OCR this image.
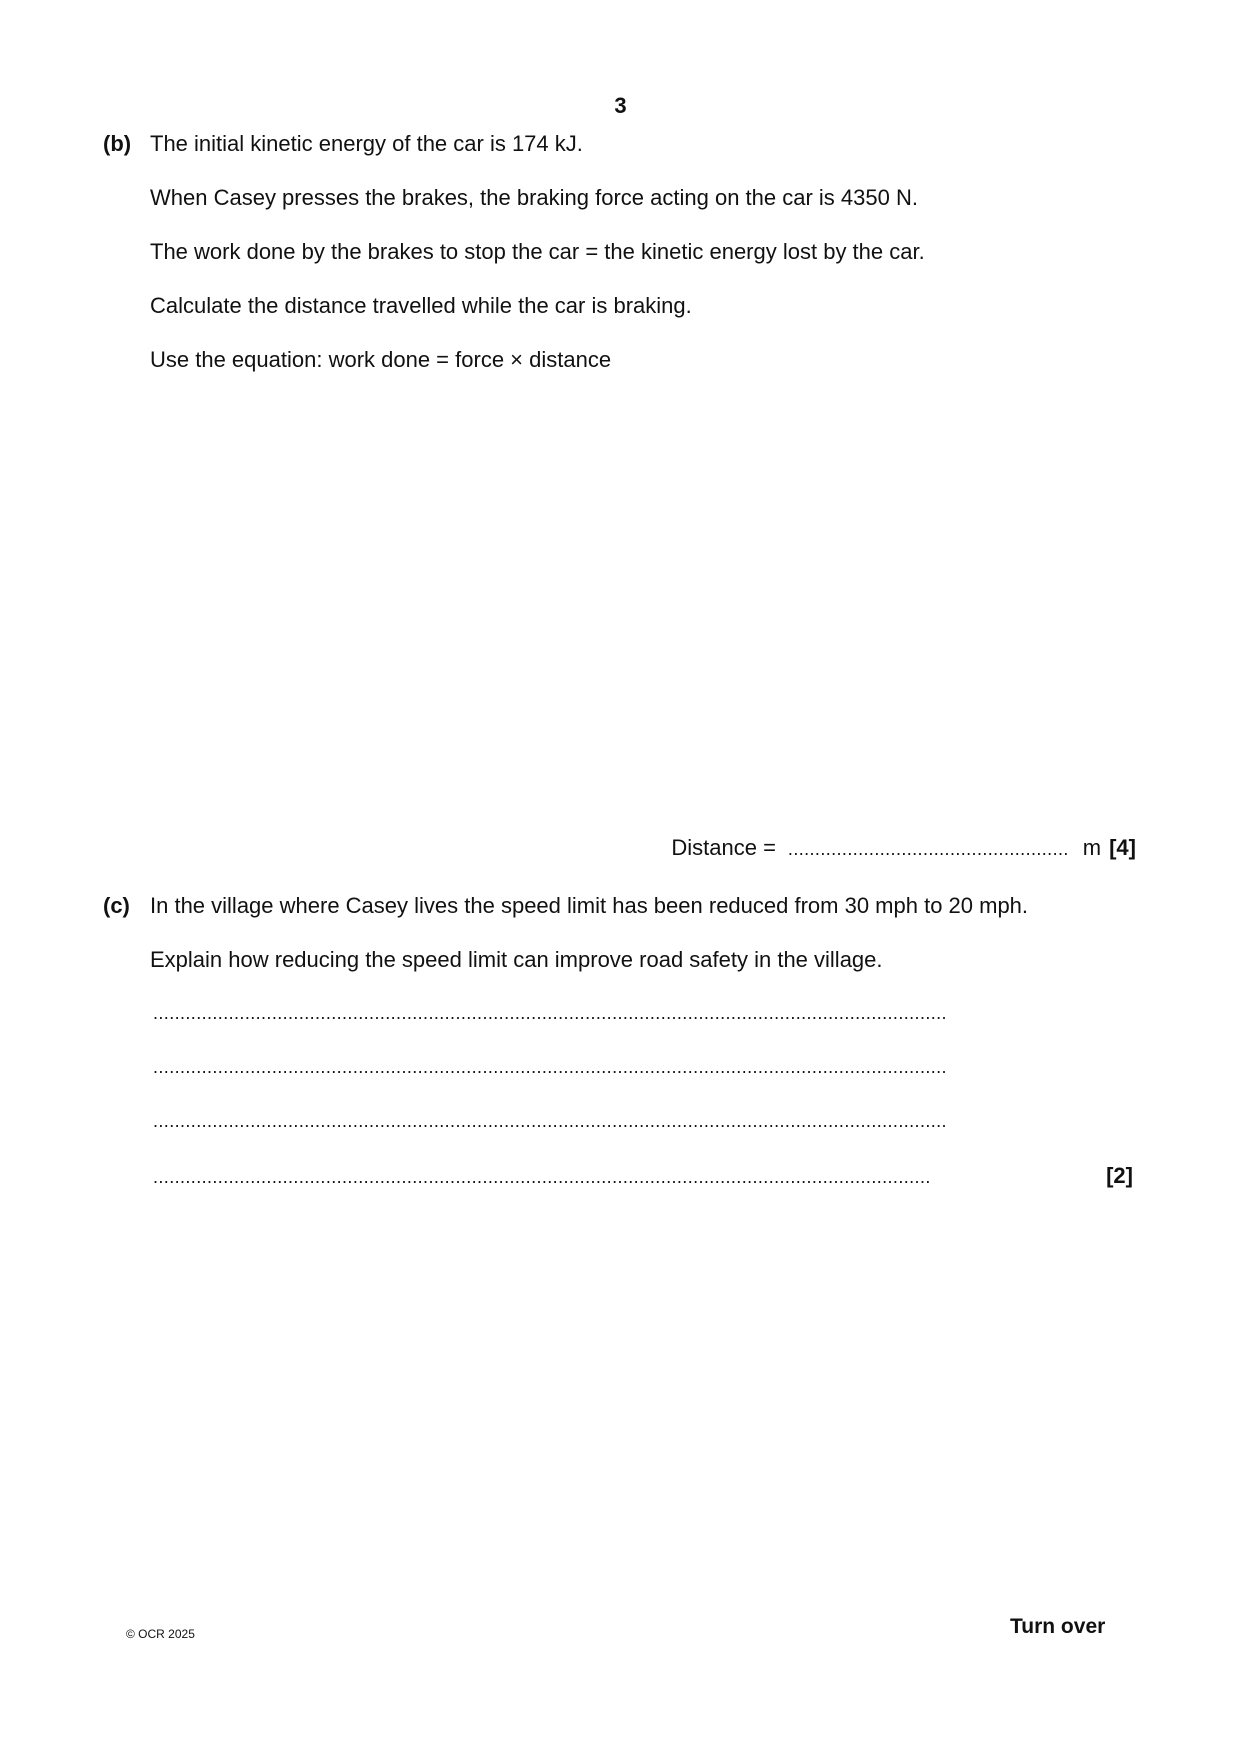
3
(b) The initial kinetic energy of the car is 174 kJ.
When Casey presses the brakes, the braking force acting on the car is 4350 N.
The work done by the brakes to stop the car = the kinetic energy lost by the car.
Calculate the distance travelled while the car is braking.
Use the equation: work done = force × distance
Distance = .................................................... m [4]
(c) In the village where Casey lives the speed limit has been reduced from 30 mph to 20 mph.
Explain how reducing the speed limit can improve road safety in the village.
...................................................................................................................................................
...................................................................................................................................................
...................................................................................................................................................
................................................................................................................................................	[2]
© OCR 2025	Turn over
